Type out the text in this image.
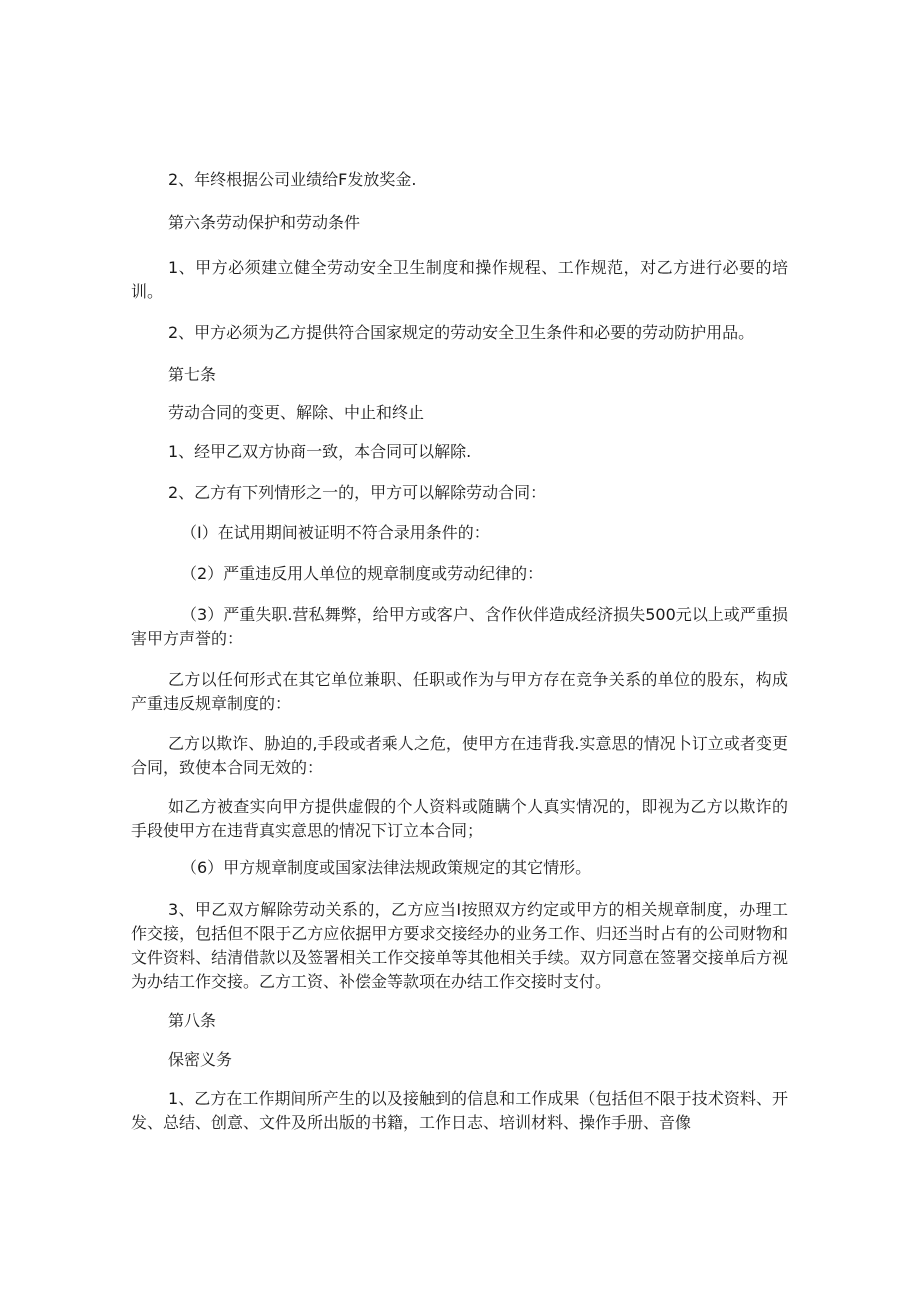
2、年终根据公司业绩给F发放奖金.

第六条劳动保护和劳动条件

1、甲方必须建立健全劳动安全卫生制度和操作规程、工作规范，对乙方进行必要的培训。

2、甲方必须为乙方提供符合国家规定的劳动安全卫生条件和必要的劳动防护用品。

第七条

劳动合同的变更、解除、中止和终止

1、经甲乙双方协商一致，本合同可以解除.

2、乙方有下列情形之一的，甲方可以解除劳动合同：

（I）在试用期间被证明不符合录用条件的：

（2）严重违反用人单位的规章制度或劳动纪律的：

（3）严重失职.营私舞弊，给甲方或客户、含作伙伴造成经济损失500元以上或严重损害甲方声誉的：

乙方以任何形式在其它单位兼职、任职或作为与甲方存在竞争关系的单位的股东，构成产重违反规章制度的：

乙方以欺诈、胁迫的,手段或者乘人之危，使甲方在违背我.实意思的情况卜订立或者变更合同，致使本合同无效的：

如乙方被查实向甲方提供虚假的个人资料或随瞒个人真实情况的，即视为乙方以欺诈的手段使甲方在违背真实意思的情况下订立本合同；

（6）甲方规章制度或国家法律法规政策规定的其它情形。

3、甲乙双方解除劳动关系的，乙方应当I按照双方约定或甲方的相关规章制度，办理工作交接，包括但不限于乙方应依据甲方要求交接经办的业务工作、归还当时占有的公司财物和文件资料、结清借款以及签署相关工作交接单等其他相关手续。双方同意在签署交接单后方视为办结工作交接。乙方工资、补偿金等款项在办结工作交接时支付。

第八条

保密义务

1、乙方在工作期间所产生的以及接触到的信息和工作成果（包括但不限于技术资料、开发、总结、创意、文件及所出版的书籍，工作日志、培训材料、操作手册、音像
